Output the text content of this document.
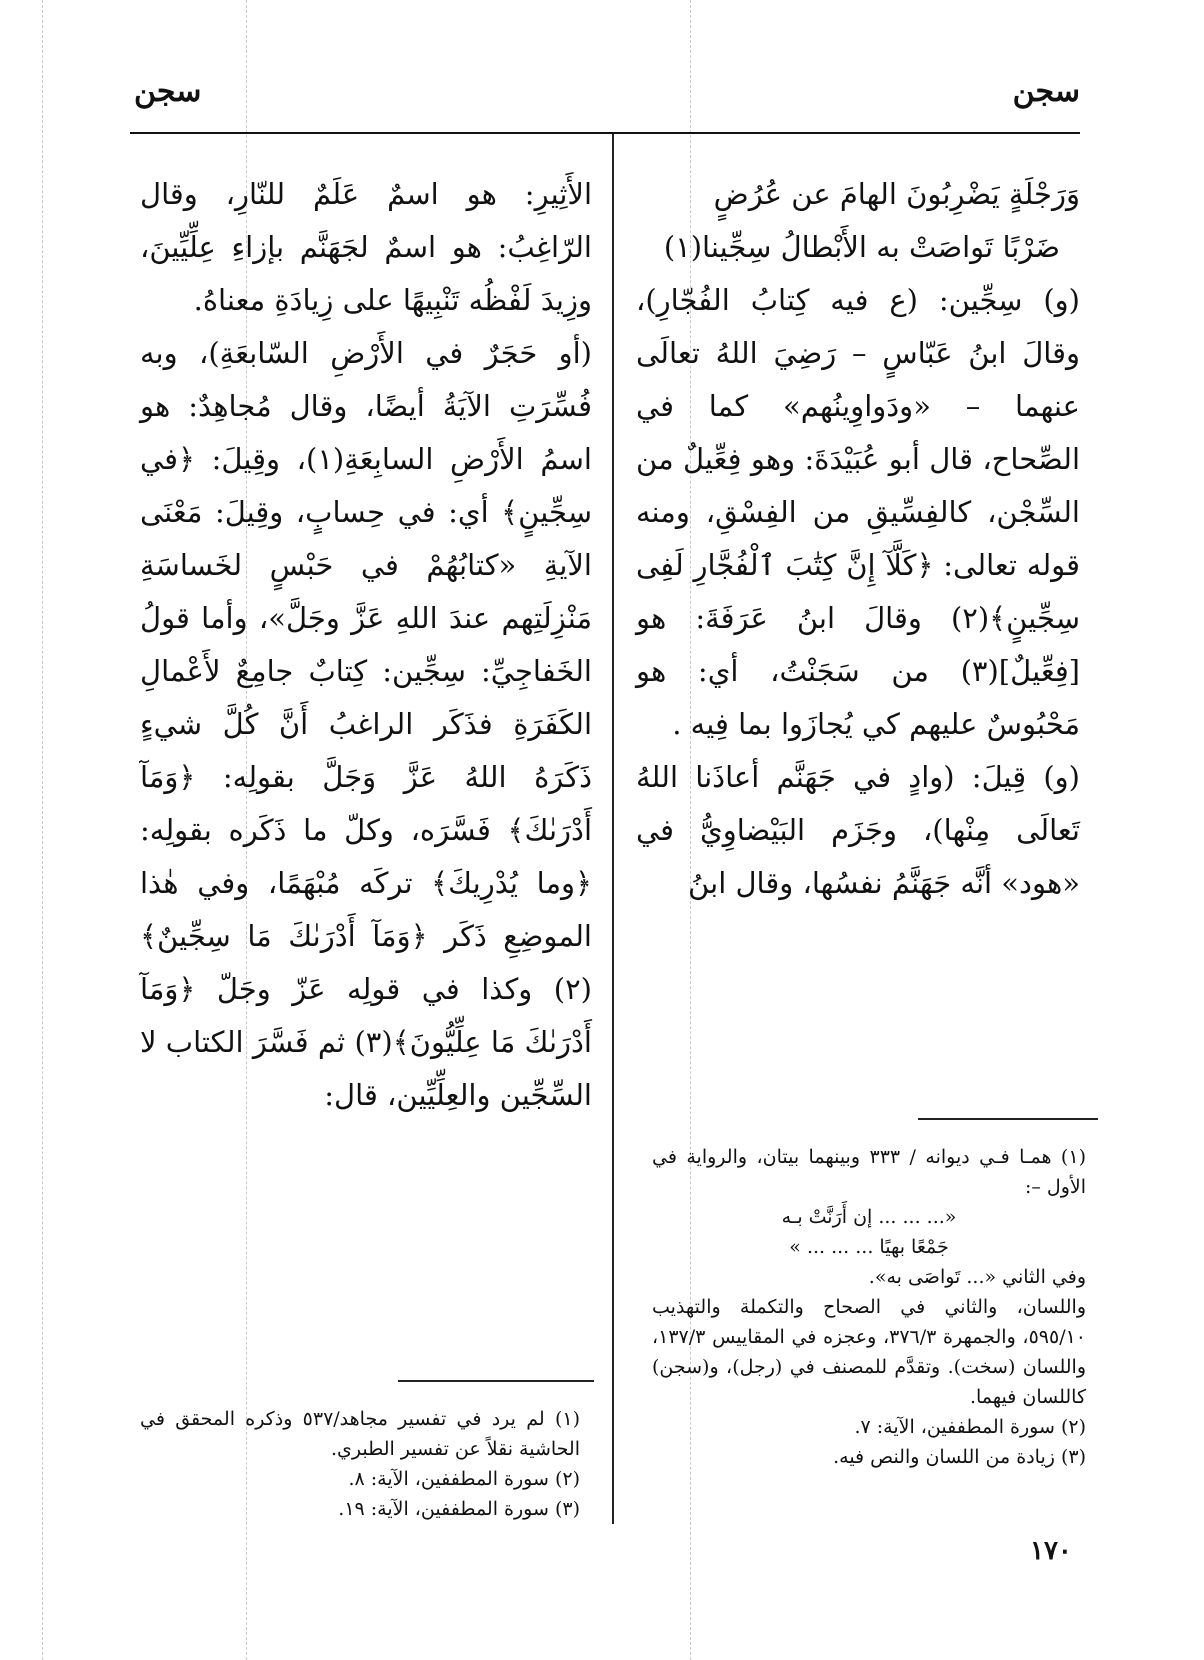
سجن
سجن
وَرَجْلَةٍ يَضْرِبُونَ الهامَ عن عُرُضٍ
ضَرْبًا تَواصَتْ به الأَبْطالُ سِجِّينا(١)

(و) سِجِّين: (ع فيه كِتابُ الفُجّارِ)، وقالَ ابنُ عَبّاسٍ – رَضِيَ اللهُ تعالَى عنهما – «ودَواوِينُهم» كما في الصِّحاح، قال أبو عُبَيْدَةَ: وهو فِعِّيلٌ من السِّجْن، كالفِسِّيقِ من الفِسْقِ، ومنه قوله تعالى: ﴿كَلَّآ إِنَّ كِتَٰبَ ٱلْفُجَّارِ لَفِى سِجِّينٍ﴾(٢) وقالَ ابنُ عَرَفَةَ: هو [فِعِّيلٌ](٣) من سَجَنْتُ، أي: هو مَحْبُوسٌ عليهم كي يُجازَوا بما فِيه .

(و) قِيلَ: (وادٍ في جَهَنَّم أعاذَنا اللهُ تَعالَى مِنْها)، وجَزَم البَيْضاوِيُّ في «هود» أنَّه جَهَنَّمُ نفسُها، وقال ابنُ

الأَثِيرِ: هو اسمٌ عَلَمٌ للنّارِ، وقال الرّاغِبُ: هو اسمٌ لجَهَنَّم بإزاءِ عِلِّيِّينَ، وزِيدَ لَفْظُه تَنْبِيهًا على زِيادَةِ معناهُ.

(أو حَجَرٌ في الأَرْضِ السّابعَةِ)، وبه فُسِّرَتِ الآيَةُ أيضًا، وقال مُجاهِدٌ: هو اسمُ الأَرْضِ السابِعَةِ(١)، وقِيلَ: ﴿في سِجِّينٍ﴾ أي: في حِسابٍ، وقِيلَ: مَعْنَى الآيةِ «كتابُهُمْ في حَبْسٍ لخَساسَةِ مَنْزِلَتِهم عندَ اللهِ عَزَّ وجَلَّ»، وأما قولُ الخَفاجِيِّ: سِجِّين: كِتابٌ جامِعٌ لأَعْمالِ الكَفَرَةِ فذَكَر الراغبُ أَنَّ كُلَّ شيءٍ ذَكَرَهُ اللهُ عَزَّ وَجَلَّ بقولِه: ﴿وَمَآ أَدْرَىٰكَ﴾ فَسَّرَه، وكلّ ما ذَكَره بقولِه: ﴿وما يُدْرِيكَ﴾ تركَه مُبْهَمًا، وفي هٰذا الموضِعِ ذَكَر ﴿وَمَآ أَدْرَىٰكَ مَا سِجِّينٌ﴾(٢) وكذا في قولِه عَزّ وجَلّ ﴿وَمَآ أَدْرَىٰكَ مَا عِلِّيُّونَ﴾(٣) ثم فَسَّرَ الكتاب لا السِّجِّين والعِلِّيِّين، قال:

(١) همـا فـي ديوانه / ٣٣٣ وبينهما بيتان، والرواية في الأول –:

«... ... ... إن أَرَنَّتْ بـه
جَمْعًا بهيًا ... ... ... »

وفي الثاني «... تَواصَى به».

واللسان، والثاني في الصحاح والتكملة والتهذيب ٥٩٥/١٠، والجمهرة ٣٧٦/٣، وعجزه في المقاييس ١٣٧/٣، واللسان (سخت). وتقدَّم للمصنف في (رجل)، و(سجن) كاللسان فيهما.

(٢) سورة المطففين، الآية: ٧.

(٣) زيادة من اللسان والنص فيه.

(١) لم يرد في تفسير مجاهد/٥٣٧ وذكره المحقق في الحاشية نقلاً عن تفسير الطبري.

(٢) سورة المطففين، الآية: ٨.

(٣) سورة المطففين، الآية: ١٩.

١٧٠
